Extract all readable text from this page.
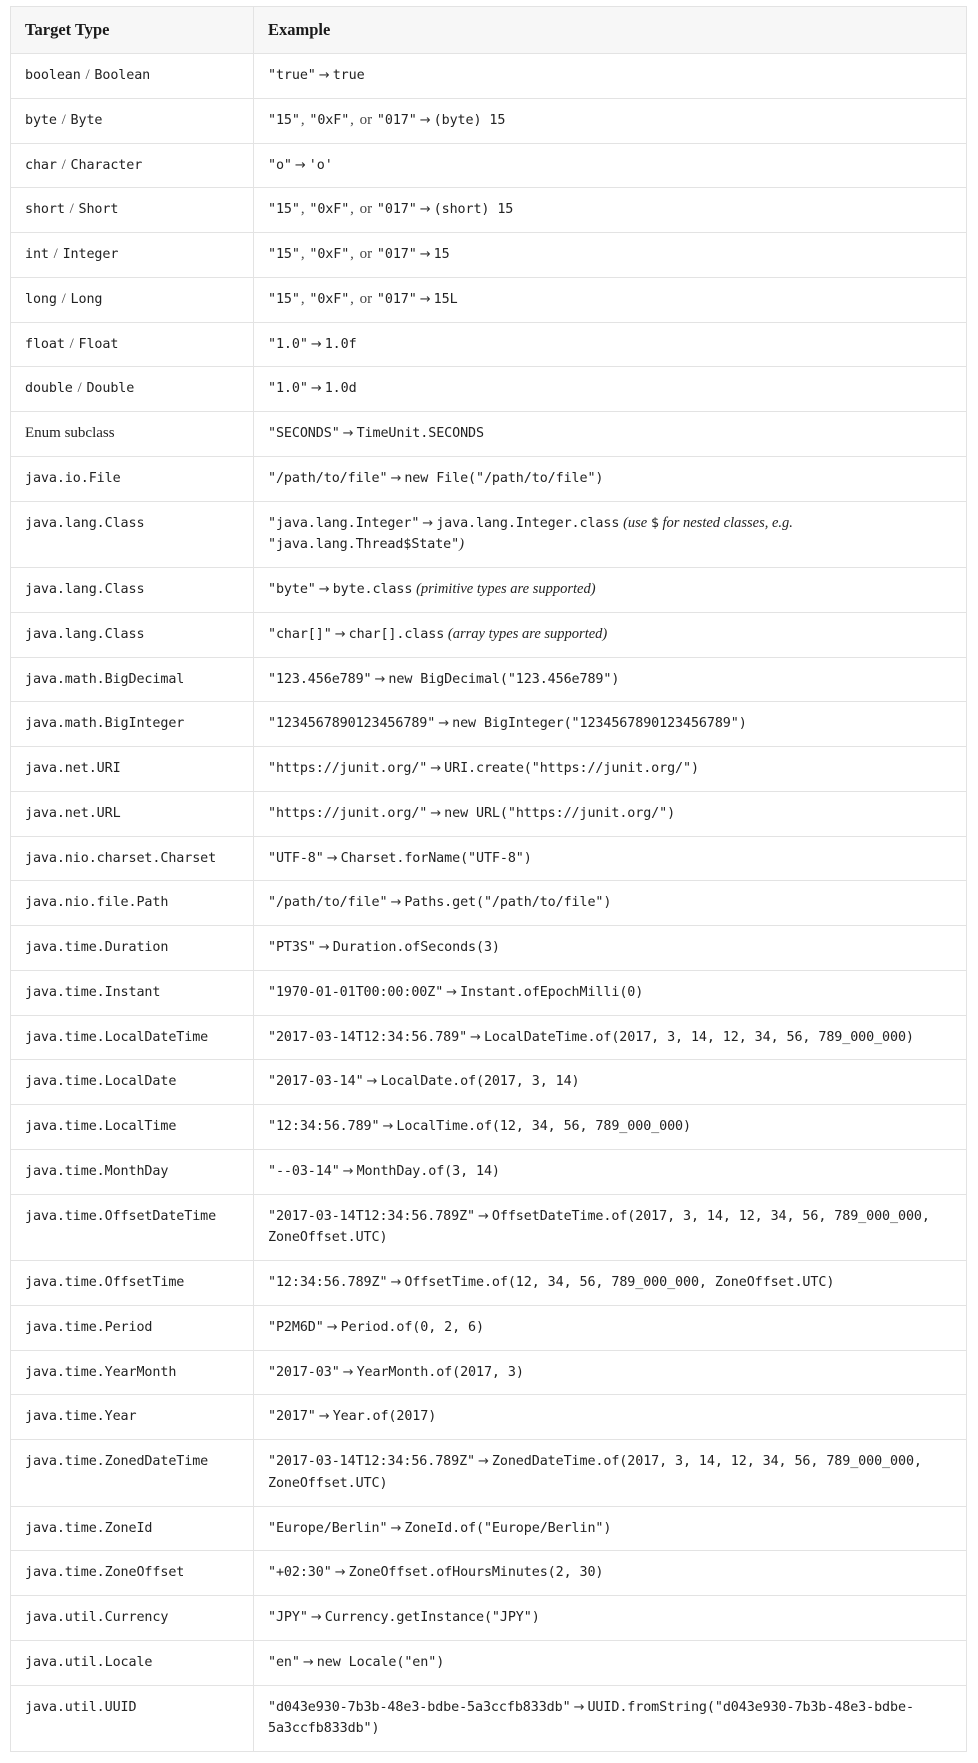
Target Type	Example
boolean / Boolean	"true" → true
byte / Byte	"15", "0xF", or "017" → (byte) 15
char / Character	"o" → 'o'
short / Short	"15", "0xF", or "017" → (short) 15
int / Integer	"15", "0xF", or "017" → 15
long / Long	"15", "0xF", or "017" → 15L
float / Float	"1.0" → 1.0f
double / Double	"1.0" → 1.0d
Enum subclass	"SECONDS" → TimeUnit.SECONDS
java.io.File	"/path/to/file" → new File("/path/to/file")
java.lang.Class	"java.lang.Integer" → java.lang.Integer.class (use $ for nested classes, e.g.
"java.lang.Thread$State")

java.lang.Class	"byte" → byte.class (primitive types are supported)
java.lang.Class	"char[]" → char[].class (array types are supported)
java.math.BigDecimal	"123.456e789" → new BigDecimal("123.456e789")
java.math.BigInteger	"1234567890123456789" → new BigInteger("1234567890123456789")
java.net.URI	"https://junit.org/" → URI.create("https://junit.org/")
java.net.URL	"https://junit.org/" → new URL("https://junit.org/")
java.nio.charset.Charset	"UTF-8" → Charset.forName("UTF-8")
java.nio.file.Path	"/path/to/file" → Paths.get("/path/to/file")
java.time.Duration	"PT3S" → Duration.ofSeconds(3)
java.time.Instant	"1970-01-01T00:00:00Z" → Instant.ofEpochMilli(0)
java.time.LocalDateTime	"2017-03-14T12:34:56.789" → LocalDateTime.of(2017, 3, 14, 12, 34, 56, 789_000_000)
java.time.LocalDate	"2017-03-14" → LocalDate.of(2017, 3, 14)
java.time.LocalTime	"12:34:56.789" → LocalTime.of(12, 34, 56, 789_000_000)
java.time.MonthDay	"--03-14" → MonthDay.of(3, 14)
java.time.OffsetDateTime	"2017-03-14T12:34:56.789Z" → OffsetDateTime.of(2017, 3, 14, 12, 34, 56, 789_000_000, ZoneOffset.UTC)
java.time.OffsetTime	"12:34:56.789Z" → OffsetTime.of(12, 34, 56, 789_000_000, ZoneOffset.UTC)
java.time.Period	"P2M6D" → Period.of(0, 2, 6)
java.time.YearMonth	"2017-03" → YearMonth.of(2017, 3)
java.time.Year	"2017" → Year.of(2017)
java.time.ZonedDateTime	"2017-03-14T12:34:56.789Z" → ZonedDateTime.of(2017, 3, 14, 12, 34, 56, 789_000_000, ZoneOffset.UTC)
java.time.ZoneId	"Europe/Berlin" → ZoneId.of("Europe/Berlin")
java.time.ZoneOffset	"+02:30" → ZoneOffset.ofHoursMinutes(2, 30)
java.util.Currency	"JPY" → Currency.getInstance("JPY")
java.util.Locale	"en" → new Locale("en")
java.util.UUID	"d043e930-7b3b-48e3-bdbe-5a3ccfb833db" → UUID.fromString("d043e930-7b3b-48e3-bdbe-5a3ccfb833db")
